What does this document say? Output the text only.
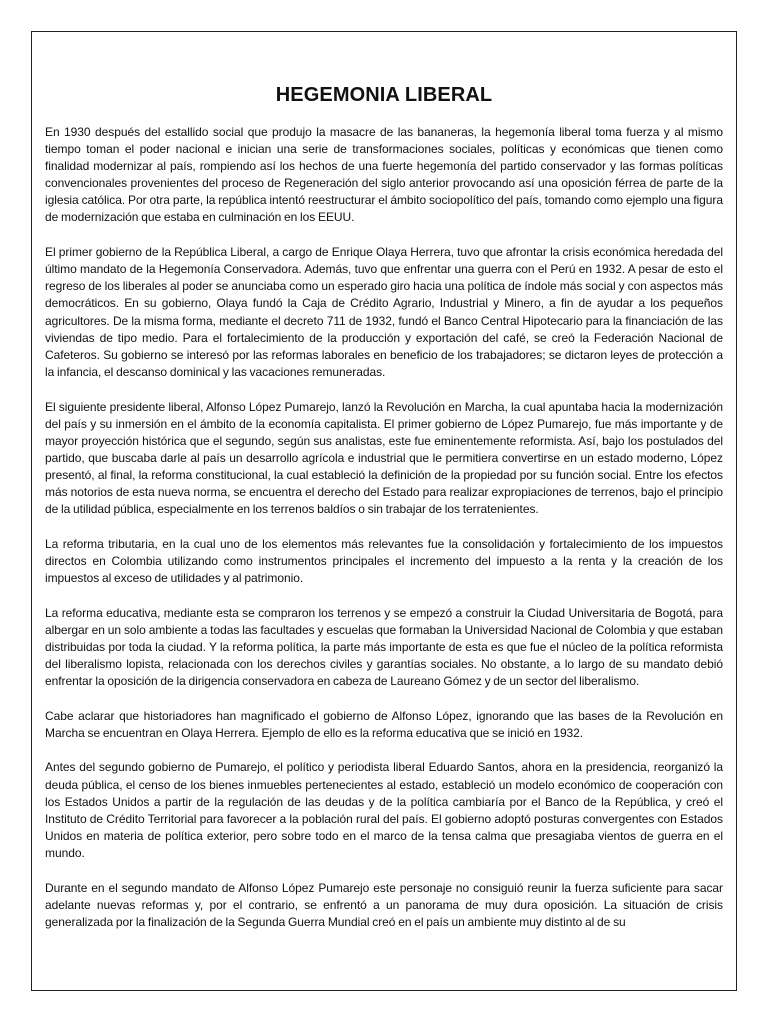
HEGEMONIA LIBERAL

En 1930 después del estallido social que produjo la masacre de las bananeras, la hegemonía liberal toma fuerza y al mismo tiempo toman el poder nacional e inician una serie de transformaciones sociales, políticas y económicas que tienen como finalidad modernizar al país, rompiendo así los hechos de una fuerte hegemonía del partido conservador y las formas políticas convencionales provenientes del proceso de Regeneración del siglo anterior provocando así una oposición férrea de parte de la iglesia católica. Por otra parte, la república intentó reestructurar el ámbito sociopolítico del país, tomando como ejemplo una figura de modernización que estaba en culminación en los EEUU.

El primer gobierno de la República Liberal, a cargo de Enrique Olaya Herrera, tuvo que afrontar la crisis económica heredada del último mandato de la Hegemonía Conservadora. Además, tuvo que enfrentar una guerra con el Perú en 1932. A pesar de esto el regreso de los liberales al poder se anunciaba como un esperado giro hacia una política de índole más social y con aspectos más democráticos. En su gobierno, Olaya fundó la Caja de Crédito Agrario, Industrial y Minero, a fin de ayudar a los pequeños agricultores. De la misma forma, mediante el decreto 711 de 1932, fundó el Banco Central Hipotecario para la financiación de las viviendas de tipo medio. Para el fortalecimiento de la producción y exportación del café, se creó la Federación Nacional de Cafeteros. Su gobierno se interesó por las reformas laborales en beneficio de los trabajadores; se dictaron leyes de protección a la infancia, el descanso dominical y las vacaciones remuneradas.

El siguiente presidente liberal, Alfonso López Pumarejo, lanzó la Revolución en Marcha, la cual apuntaba hacia la modernización del país y su inmersión en el ámbito de la economía capitalista. El primer gobierno de López Pumarejo, fue más importante y de mayor proyección histórica que el segundo, según sus analistas, este fue eminentemente reformista. Así, bajo los postulados del partido, que buscaba darle al país un desarrollo agrícola e industrial que le permitiera convertirse en un estado moderno, López presentó, al final, la reforma constitucional, la cual estableció la definición de la propiedad por su función social. Entre los efectos más notorios de esta nueva norma, se encuentra el derecho del Estado para realizar expropiaciones de terrenos, bajo el principio de la utilidad pública, especialmente en los terrenos baldíos o sin trabajar de los terratenientes.

La reforma tributaria, en la cual uno de los elementos más relevantes fue la consolidación y fortalecimiento de los impuestos directos en Colombia utilizando como instrumentos principales el incremento del impuesto a la renta y la creación de los impuestos al exceso de utilidades y al patrimonio.

La reforma educativa, mediante esta se compraron los terrenos y se empezó a construir la Ciudad Universitaria de Bogotá, para albergar en un solo ambiente a todas las facultades y escuelas que formaban la Universidad Nacional de Colombia y que estaban distribuidas por toda la ciudad. Y la reforma política, la parte más importante de esta es que fue el núcleo de la política reformista del liberalismo lopista, relacionada con los derechos civiles y garantías sociales. No obstante, a lo largo de su mandato debió enfrentar la oposición de la dirigencia conservadora en cabeza de Laureano Gómez y de un sector del liberalismo.

Cabe aclarar que historiadores han magnificado el gobierno de Alfonso López, ignorando que las bases de la Revolución en Marcha se encuentran en Olaya Herrera. Ejemplo de ello es la reforma educativa que se inició en 1932.

Antes del segundo gobierno de Pumarejo, el político y periodista liberal Eduardo Santos, ahora en la presidencia, reorganizó la deuda pública, el censo de los bienes inmuebles pertenecientes al estado, estableció un modelo económico de cooperación con los Estados Unidos a partir de la regulación de las deudas y de la política cambiaría por el Banco de la República, y creó el Instituto de Crédito Territorial para favorecer a la población rural del país. El gobierno adoptó posturas convergentes con Estados Unidos en materia de política exterior, pero sobre todo en el marco de la tensa calma que presagiaba vientos de guerra en el mundo.

Durante en el segundo mandato de Alfonso López Pumarejo este personaje no consiguió reunir la fuerza suficiente para sacar adelante nuevas reformas y, por el contrario, se enfrentó a un panorama de muy dura oposición. La situación de crisis generalizada por la finalización de la Segunda Guerra Mundial creó en el país un ambiente muy distinto al de su
